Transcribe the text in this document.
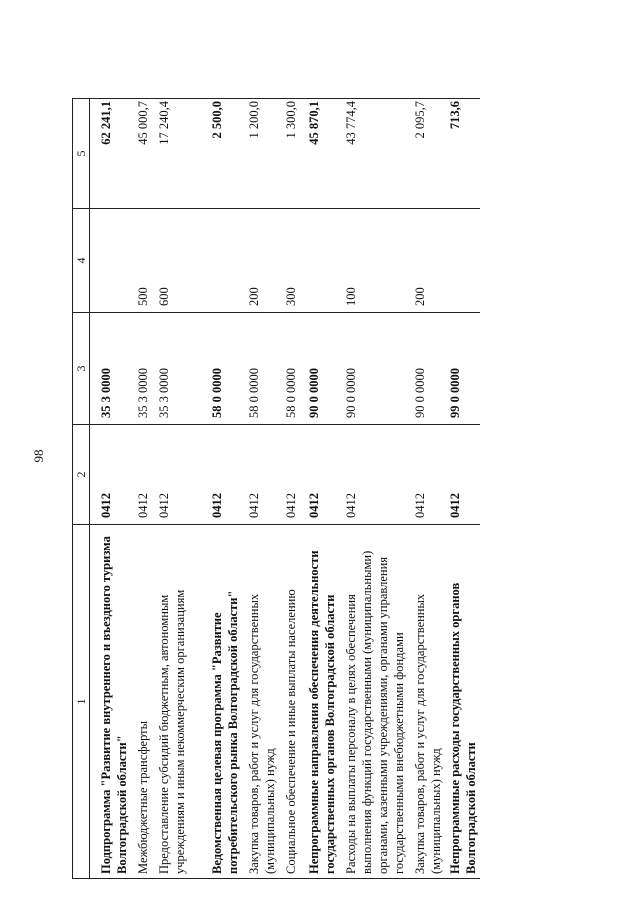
98
1	2	3	4	5
Подпрограмма "Развитие внутреннего и въездного туризма Волгоградской области"	0412	35 3 0000		62 241,1
Межбюджетные трансферты	0412	35 3 0000	500	45 000,7
Предоставление субсидий бюджетным, автономным учреждениям и иным некоммерческим организациям	0412	35 3 0000	600	17 240,4
Ведомственная целевая программа "Развитие потребительского рынка Волгоградской области"	0412	58 0 0000		2 500,0
Закупка товаров, работ и услуг для государственных (муниципальных) нужд	0412	58 0 0000	200	1 200,0
Социальное обеспечение и иные выплаты населению	0412	58 0 0000	300	1 300,0
Непрограммные направления обеспечения деятельности государственных органов Волгоградской области	0412	90 0 0000		45 870,1
Расходы на выплаты персоналу в целях обеспечения выполнения функций государственными (муниципальными) органами, казенными учреждениями, органами управления государственными внебюджетными фондами	0412	90 0 0000	100	43 774,4
Закупка товаров, работ и услуг для государственных (муниципальных) нужд	0412	90 0 0000	200	2 095,7
Непрограммные расходы государственных органов Волгоградской области	0412	99 0 0000		713,6
